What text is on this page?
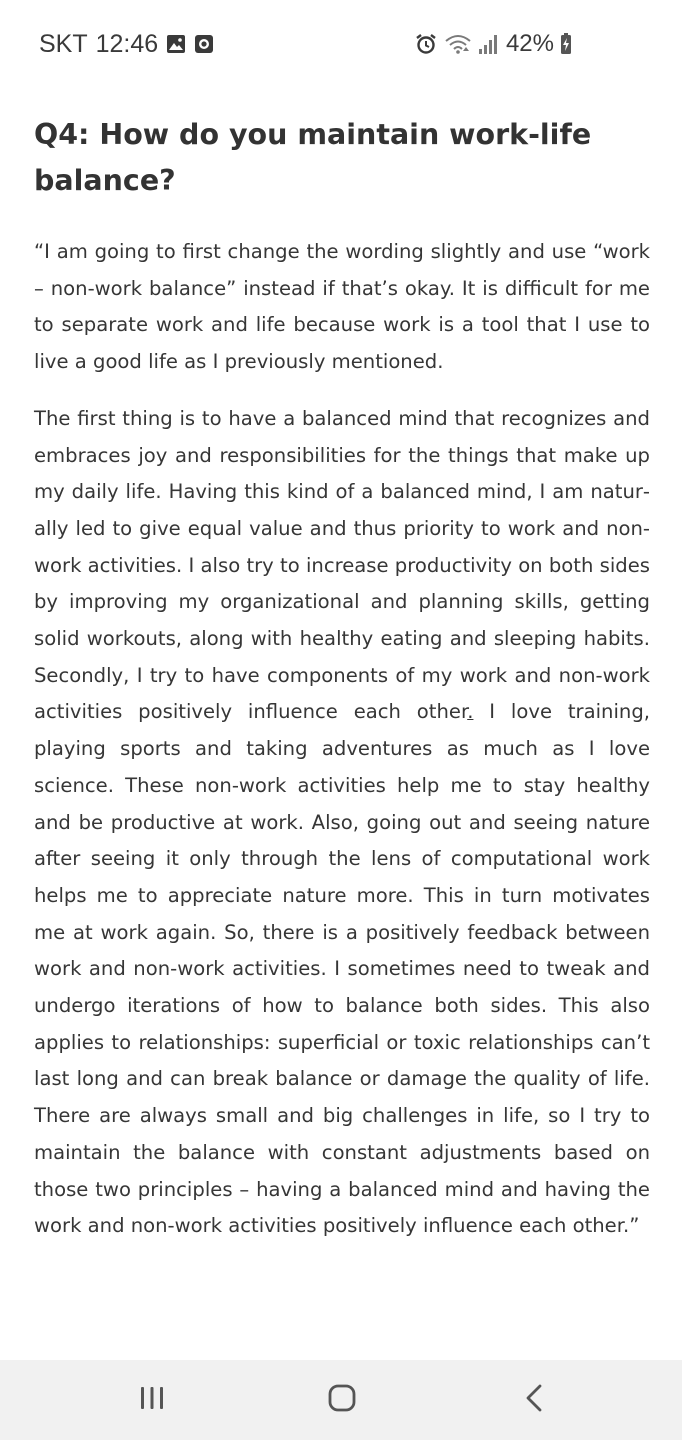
SKT 12:46	42%
Q4: How do you maintain work-life balance?

“I am going to first change the wording slightly and use “work – non-work balance” instead if that’s okay. It is difficult for me to separate work and life because work is a tool that I use to live a good life as I previously mentioned.

The first thing is to have a balanced mind that recognizes and embraces joy and responsibilities for the things that make up my daily life. Having this kind of a balanced mind, I am naturally led to give equal value and thus priority to work and non-work activities. I also try to increase productivity on both sides by improving my organizational and planning skills, getting solid workouts, along with healthy eating and sleeping habits. Secondly, I try to have components of my work and non-work activities positively influence each other. I love training, playing sports and taking adventures as much as I love science. These non-work activities help me to stay healthy and be productive at work. Also, going out and seeing nature after seeing it only through the lens of computational work helps me to appreciate nature more. This in turn motivates me at work again. So, there is a positively feedback between work and non-work activities. I sometimes need to tweak and undergo iterations of how to balance both sides. This also applies to relationships: superficial or toxic relationships can’t last long and can break balance or damage the quality of life. There are always small and big challenges in life, so I try to maintain the balance with constant adjustments based on those two principles – having a balanced mind and having the work and non-work activities positively influence each other.”
